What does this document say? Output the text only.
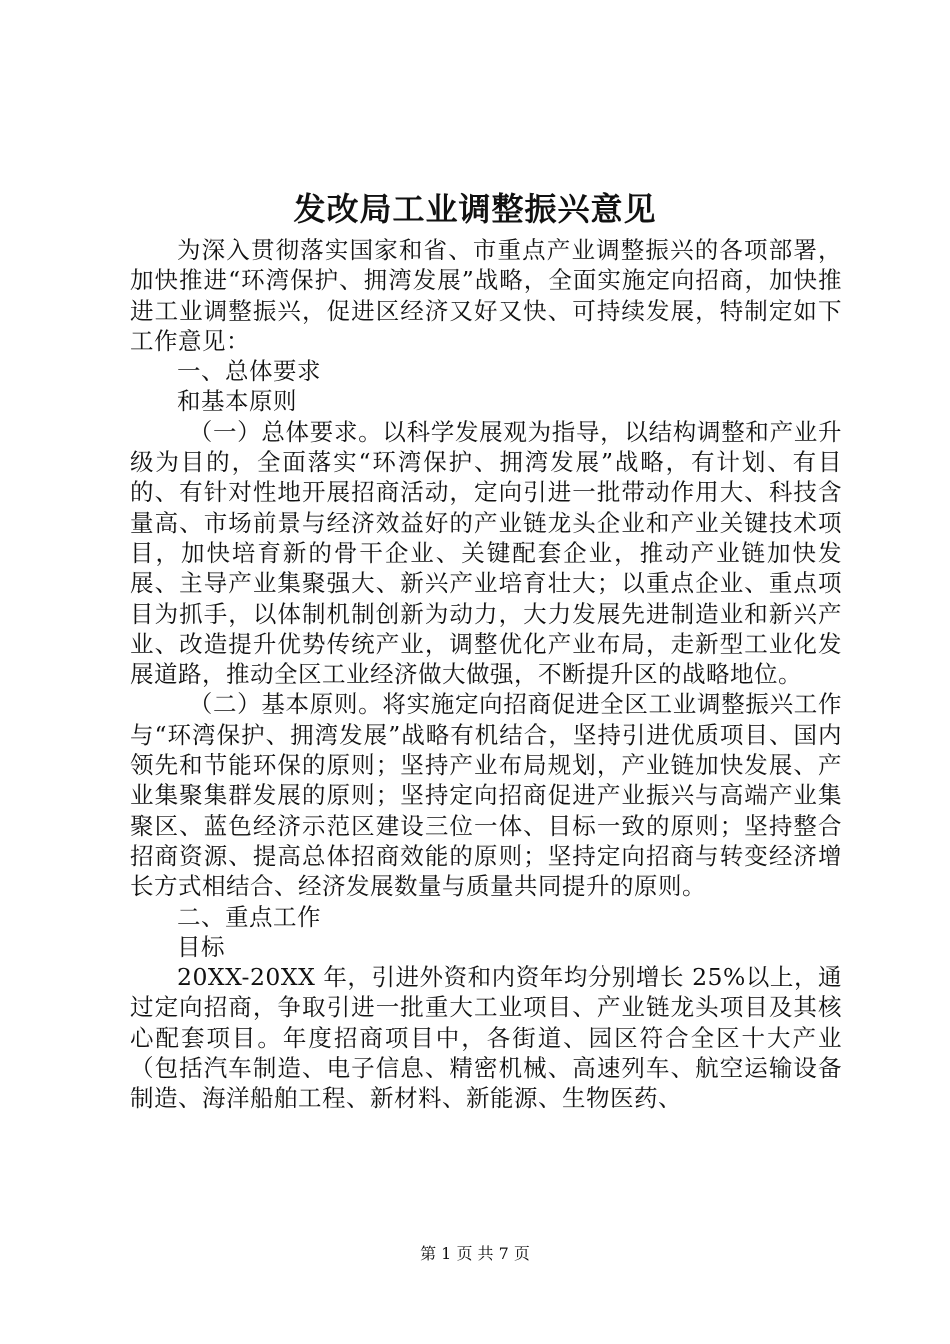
发改局工业调整振兴意见

为深入贯彻落实国家和省、市重点产业调整振兴的各项部署，加快推进“环湾保护、拥湾发展”战略，全面实施定向招商，加快推进工业调整振兴，促进区经济又好又快、可持续发展，特制定如下工作意见：

一、总体要求

和基本原则

（一）总体要求。以科学发展观为指导，以结构调整和产业升级为目的，全面落实“环湾保护、拥湾发展”战略，有计划、有目的、有针对性地开展招商活动，定向引进一批带动作用大、科技含量高、市场前景与经济效益好的产业链龙头企业和产业关键技术项目，加快培育新的骨干企业、关键配套企业，推动产业链加快发展、主导产业集聚强大、新兴产业培育壮大；以重点企业、重点项目为抓手，以体制机制创新为动力，大力发展先进制造业和新兴产业、改造提升优势传统产业，调整优化产业布局，走新型工业化发展道路，推动全区工业经济做大做强，不断提升区的战略地位。

（二）基本原则。将实施定向招商促进全区工业调整振兴工作与“环湾保护、拥湾发展”战略有机结合，坚持引进优质项目、国内领先和节能环保的原则；坚持产业布局规划，产业链加快发展、产业集聚集群发展的原则；坚持定向招商促进产业振兴与高端产业集聚区、蓝色经济示范区建设三位一体、目标一致的原则；坚持整合招商资源、提高总体招商效能的原则；坚持定向招商与转变经济增长方式相结合、经济发展数量与质量共同提升的原则。

二、重点工作

目标

20XX-20XX 年，引进外资和内资年均分别增长 25%以上，通过定向招商，争取引进一批重大工业项目、产业链龙头项目及其核心配套项目。年度招商项目中，各街道、园区符合全区十大产业（包括汽车制造、电子信息、精密机械、高速列车、航空运输设备制造、海洋船舶工程、新材料、新能源、生物医药、

第 1 页 共 7 页
